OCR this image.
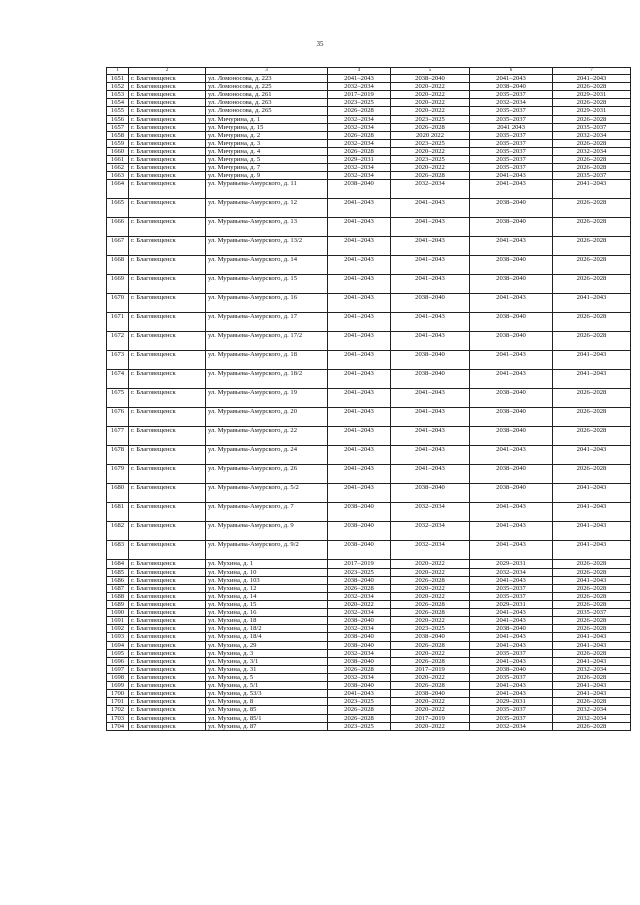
35
1	2	3	4	5	6	7
1651	г. Благовещенск	ул. Ломоносова, д. 223	2041–2043	2038–2040	2041–2043	2041–2043
1652	г. Благовещенск	ул. Ломоносова, д. 225	2032–2034	2020–2022	2038–2040	2026–2028
1653	г. Благовещенск	ул. Ломоносова, д. 261	2017–2019	2020–2022	2035–2037	2029–2031
1654	г. Благовещенск	ул. Ломоносова, д. 263	2023–2025	2020–2022	2032–2034	2026–2028
1655	г. Благовещенск	ул. Ломоносова, д. 265	2026–2028	2020–2022	2035–2037	2029–2031
1656	г. Благовещенск	ул. Мичурина, д. 1	2032–2034	2023–2025	2035–2037	2026–2028
1657	г. Благовещенск	ул. Мичурина, д. 15	2032–2034	2026–2028	2041 2043	2035–2037
1658	г. Благовещенск	ул. Мичурина, д. 2	2026–2028	2020 2022	2035–2037	2032–2034
1659	г. Благовещенск	ул. Мичурина, д. 3	2032–2034	2023–2025	2035–2037	2026–2028
1660	г. Благовещенск	ул. Мичурина, д. 4	2026–2028	2020–2022	2035–2037	2032–2034
1661	г. Благовещенск	ул. Мичурина, д. 5	2029–2031	2023–2025	2035–2037	2026–2028
1662	г. Благовещенск	ул. Мичурина, д. 7	2032–2034	2020–2022	2035–2037	2026–2028
1663	г. Благовещенск	ул. Мичурина, д. 9	2032–2034	2026–2028	2041–2043	2035–2037
1664	г. Благовещенск	ул. Муравьева-Амурского, д. 11	2038–2040	2032–2034	2041–2043	2041–2043
1665	г. Благовещенск	ул. Муравьева-Амурского, д. 12	2041–2043	2041–2043	2038–2040	2026–2028
1666	г. Благовещенск	ул. Муравьева-Амурского, д. 13	2041–2043	2041–2043	2038–2040	2026–2028
1667	г. Благовещенск	ул. Муравьева-Амурского, д. 13/2	2041–2043	2041–2043	2041–2043	2026–2028
1668	г. Благовещенск	ул. Муравьева-Амурского, д. 14	2041–2043	2041–2043	2038–2040	2026–2028
1669	г. Благовещенск	ул. Муравьева-Амурского, д. 15	2041–2043	2041–2043	2038–2040	2026–2028
1670	г. Благовещенск	ул. Муравьева-Амурского, д. 16	2041–2043	2038–2040	2041–2043	2041–2043
1671	г. Благовещенск	ул. Муравьева-Амурского, д. 17	2041–2043	2041–2043	2038–2040	2026–2028
1672	г. Благовещенск	ул. Муравьева-Амурского, д. 17/2	2041–2043	2041–2043	2038–2040	2026–2028
1673	г. Благовещенск	ул. Муравьева-Амурского, д. 18	2041–2043	2038–2040	2041–2043	2041–2043
1674	г. Благовещенск	ул. Муравьева-Амурского, д. 18/2	2041–2043	2038–2040	2041–2043	2041–2043
1675	г. Благовещенск	ул. Муравьева-Амурского, д. 19	2041–2043	2041–2043	2038–2040	2026–2028
1676	г. Благовещенск	ул. Муравьева-Амурского, д. 20	2041–2043	2041–2043	2038–2040	2026–2028
1677	г. Благовещенск	ул. Муравьева-Амурского, д. 22	2041–2043	2041–2043	2038–2040	2026–2028
1678	г. Благовещенск	ул. Муравьева-Амурского, д. 24	2041–2043	2041–2043	2041–2043	2041–2043
1679	г. Благовещенск	ул. Муравьева-Амурского, д. 26	2041–2043	2041–2043	2038–2040	2026–2028
1680	г. Благовещенск	ул. Муравьева-Амурского, д. 5/2	2041–2043	2038–2040	2038–2040	2041–2043
1681	г. Благовещенск	ул. Муравьева-Амурского, д. 7	2038–2040	2032–2034	2041–2043	2041–2043
1682	г. Благовещенск	ул. Муравьева-Амурского, д. 9	2038–2040	2032–2034	2041–2043	2041–2043
1683	г. Благовещенск	ул. Муравьева-Амурского, д. 9/2	2038–2040	2032–2034	2041–2043	2041–2043
1684	г. Благовещенск	ул. Мухина, д. 1	2017–2019	2020–2022	2029–2031	2026–2028
1685	г. Благовещенск	ул. Мухина, д. 10	2023–2025	2020–2022	2032–2034	2026–2028
1686	г. Благовещенск	ул. Мухина, д. 103	2038–2040	2026–2028	2041–2043	2041–2043
1687	г. Благовещенск	ул. Мухина, д. 12	2026–2028	2020–2022	2035–2037	2026–2028
1688	г. Благовещенск	ул. Мухина, д. 14	2032–2034	2020–2022	2035–2037	2026–2028
1689	г. Благовещенск	ул. Мухина, д. 15	2020–2022	2026–2028	2029–2031	2026–2028
1690	г. Благовещенск	ул. Мухина, д. 16	2032–2034	2026–2028	2041–2043	2035–2037
1691	г. Благовещенск	ул. Мухина, д. 18	2038–2040	2020–2022	2041–2043	2026–2028
1692	г. Благовещенск	ул. Мухина, д. 18/2	2032–2034	2023–2025	2038–2040	2026–2028
1693	г. Благовещенск	ул. Мухина, д. 18/4	2038–2040	2038–2040	2041–2043	2041–2043
1694	г. Благовещенск	ул. Мухина, д. 29	2038–2040	2026–2028	2041–2043	2041–2043
1695	г. Благовещенск	ул. Мухина, д. 3	2032–2034	2020–2022	2035–2037	2026–2028
1696	г. Благовещенск	ул. Мухина, д. 3/1	2038–2040	2026–2028	2041–2043	2041–2043
1697	г. Благовещенск	ул. Мухина, д. 31	2026–2028	2017–2019	2038–2040	2032–2034
1698	г. Благовещенск	ул. Мухина, д. 5	2032–2034	2020–2022	2035–2037	2026–2028
1699	г. Благовещенск	ул. Мухина, д. 5/1	2038–2040	2026–2028	2041–2043	2041–2043
1700	г. Благовещенск	ул. Мухина, д. 53/3	2041–2043	2038–2040	2041–2043	2041–2043
1701	г. Благовещенск	ул. Мухина, д. 8	2023–2025	2020–2022	2029–2031	2026–2028
1702	г. Благовещенск	ул. Мухина, д. 85	2026–2028	2020–2022	2035–2037	2032–2034
1703	г. Благовещенск	ул. Мухина, д. 85/1	2026–2028	2017–2019	2035–2037	2032–2034
1704	г. Благовещенск	ул. Мухина, д. 87	2023–2025	2020–2022	2032–2034	2026–2028
